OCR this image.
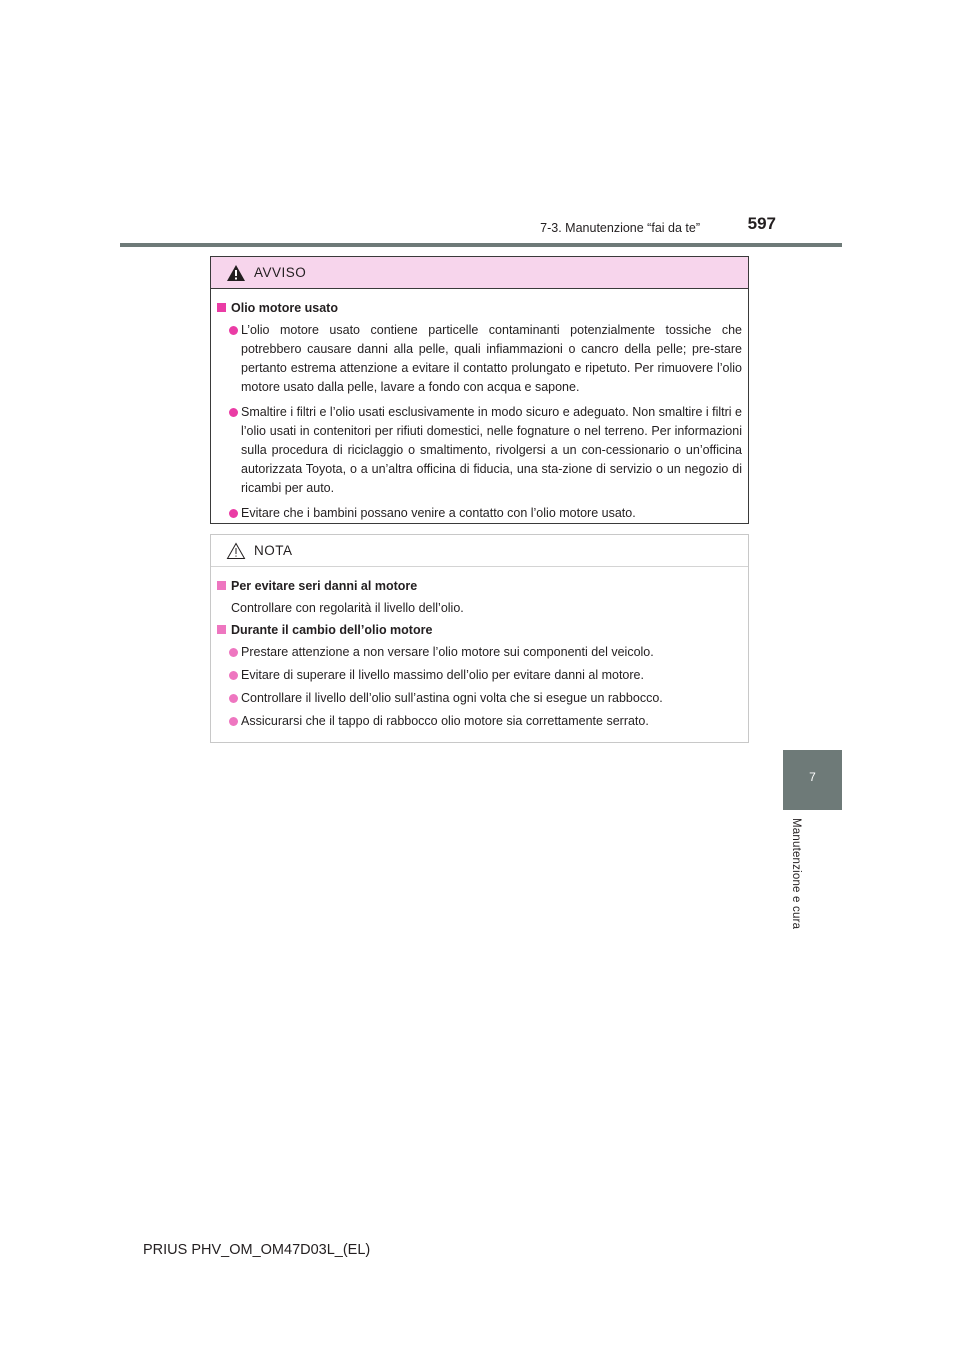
7-3. Manutenzione “fai da te”	597
7
Manutenzione e cura
AVVISO
Olio motore usato
L’olio motore usato contiene particelle contaminanti potenzialmente tossiche che potrebbero causare danni alla pelle, quali infiammazioni o cancro della pelle; pre-stare pertanto estrema attenzione a evitare il contatto prolungato e ripetuto. Per rimuovere l’olio motore usato dalla pelle, lavare a fondo con acqua e sapone.
Smaltire i filtri e l’olio usati esclusivamente in modo sicuro e adeguato. Non smaltire i filtri e l’olio usati in contenitori per rifiuti domestici, nelle fognature o nel terreno. Per informazioni sulla procedura di riciclaggio o smaltimento, rivolgersi a un con-cessionario o un’officina autorizzata Toyota, o a un’altra officina di fiducia, una sta-zione di servizio o un negozio di ricambi per auto.
Evitare che i bambini possano venire a contatto con l’olio motore usato.
NOTA
Per evitare seri danni al motore
Controllare con regolarità il livello dell’olio.
Durante il cambio dell’olio motore
Prestare attenzione a non versare l’olio motore sui componenti del veicolo.
Evitare di superare il livello massimo dell’olio per evitare danni al motore.
Controllare il livello dell’olio sull’astina ogni volta che si esegue un rabbocco.
Assicurarsi che il tappo di rabbocco olio motore sia correttamente serrato.
PRIUS PHV_OM_OM47D03L_(EL)
